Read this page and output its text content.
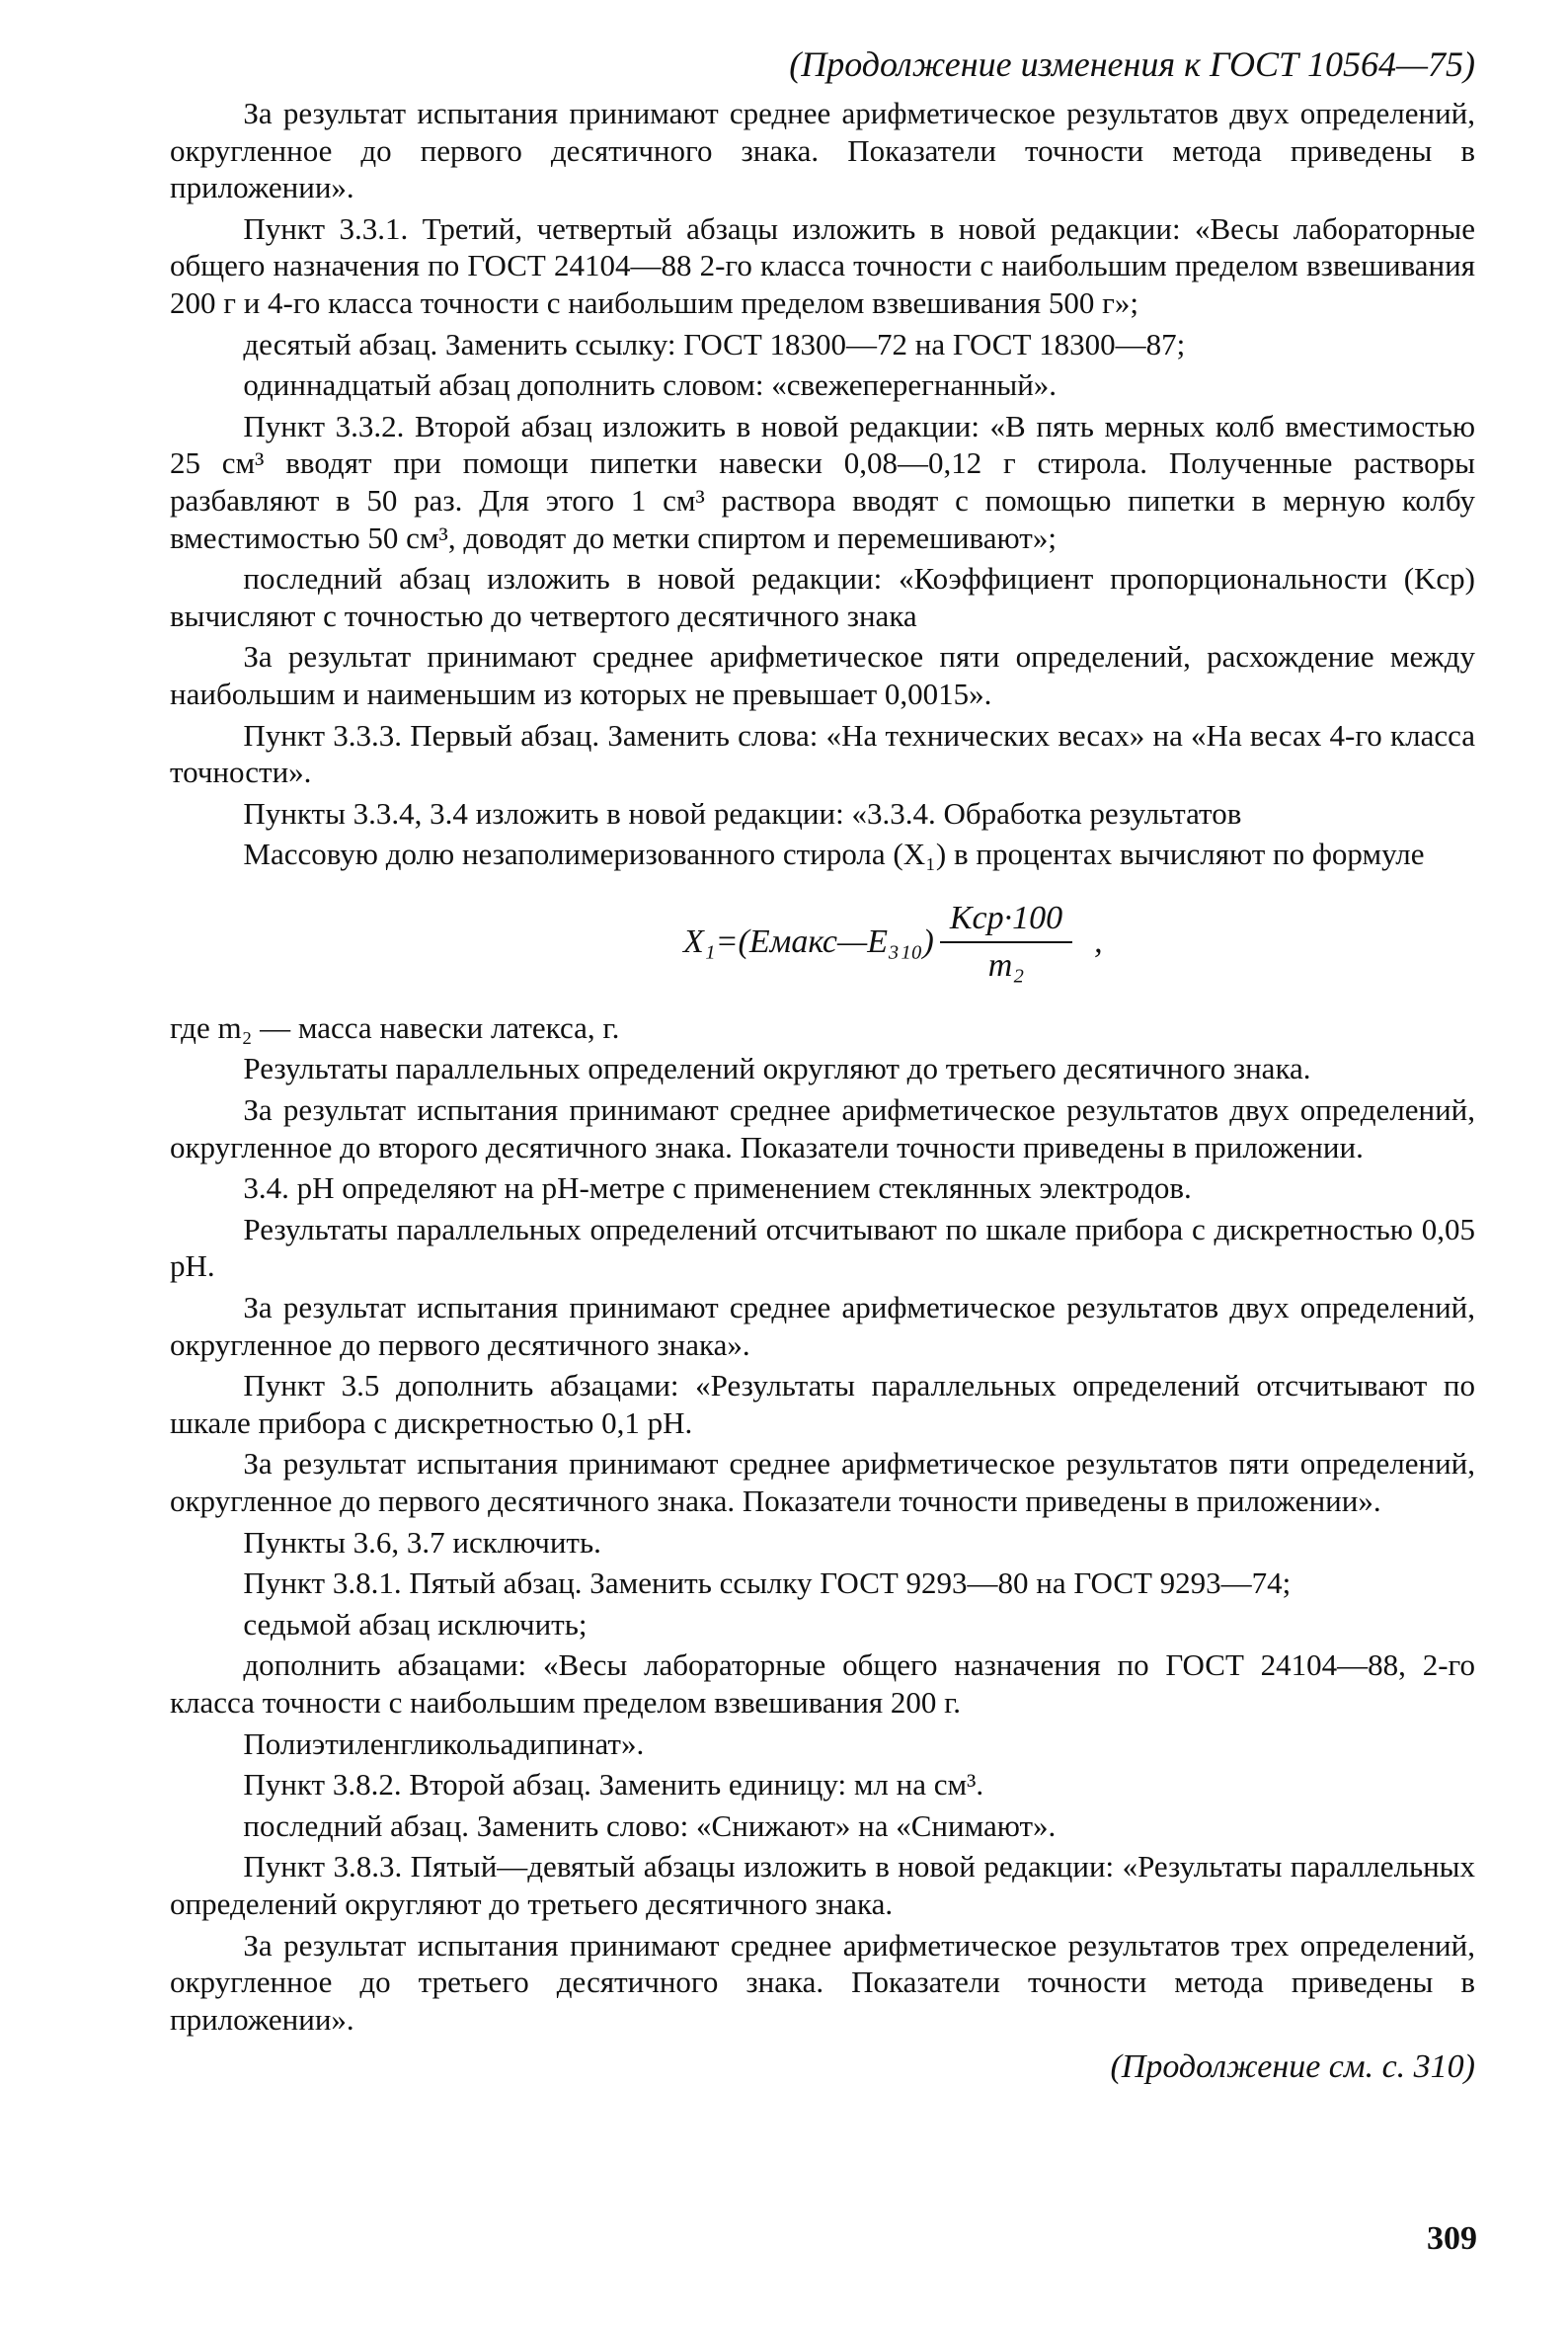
(Продолжение изменения к ГОСТ 10564—75)

За результат испытания принимают среднее арифметическое результатов двух определений, округленное до первого десятичного знака. Показатели точности метода приведены в приложении».

Пункт 3.3.1. Третий, четвертый абзацы изложить в новой редакции: «Весы лабораторные общего назначения по ГОСТ 24104—88 2-го класса точности с наибольшим пределом взвешивания 200 г и 4-го класса точности с наибольшим пределом взвешивания 500 г»;

десятый абзац. Заменить ссылку: ГОСТ 18300—72 на ГОСТ 18300—87;

одиннадцатый абзац дополнить словом: «свежеперегнанный».

Пункт 3.3.2. Второй абзац изложить в новой редакции: «В пять мерных колб вместимостью 25 см³ вводят при помощи пипетки навески 0,08—0,12 г стирола. Полученные растворы разбавляют в 50 раз. Для этого 1 см³ раствора вводят с помощью пипетки в мерную колбу вместимостью 50 см³, доводят до метки спиртом и перемешивают»;

последний абзац изложить в новой редакции: «Коэффициент пропорциональности (Kср) вычисляют с точностью до четвертого десятичного знака

За результат принимают среднее арифметическое пяти определений, расхождение между наибольшим и наименьшим из которых не превышает 0,0015».

Пункт 3.3.3. Первый абзац. Заменить слова: «На технических весах» на «На весах 4-го класса точности».

Пункты 3.3.4, 3.4 изложить в новой редакции: «3.3.4. Обработка результатов

Массовую долю незаполимеризованного стирола (X₁) в процентах вычисляют по формуле

X₁=(Eмакс—E₃₁₀) $\frac{\text{Kср·100}}{\text{m₂}}$ ,

где m₂ — масса навески латекса, г.

Результаты параллельных определений округляют до третьего десятичного знака.

За результат испытания принимают среднее арифметическое результатов двух определений, округленное до второго десятичного знака. Показатели точности приведены в приложении.

3.4. pH определяют на pH-метре с применением стеклянных электродов.

Результаты параллельных определений отсчитывают по шкале прибора с дискретностью 0,05 pH.

За результат испытания принимают среднее арифметическое результатов двух определений, округленное до первого десятичного знака».

Пункт 3.5 дополнить абзацами: «Результаты параллельных определений отсчитывают по шкале прибора с дискретностью 0,1 pH.

За результат испытания принимают среднее арифметическое результатов пяти определений, округленное до первого десятичного знака. Показатели точности приведены в приложении».

Пункты 3.6, 3.7 исключить.

Пункт 3.8.1. Пятый абзац. Заменить ссылку ГОСТ 9293—80 на ГОСТ 9293—74;

седьмой абзац исключить;

дополнить абзацами: «Весы лабораторные общего назначения по ГОСТ 24104—88, 2-го класса точности с наибольшим пределом взвешивания 200 г.

Полиэтиленгликольадипинат».

Пункт 3.8.2. Второй абзац. Заменить единицу: мл на см³.

последний абзац. Заменить слово: «Снижают» на «Снимают».

Пункт 3.8.3. Пятый—девятый абзацы изложить в новой редакции: «Результаты параллельных определений округляют до третьего десятичного знака.

За результат испытания принимают среднее арифметическое результатов трех определений, округленное до третьего десятичного знака. Показатели точности метода приведены в приложении».

(Продолжение см. с. 310)
309
